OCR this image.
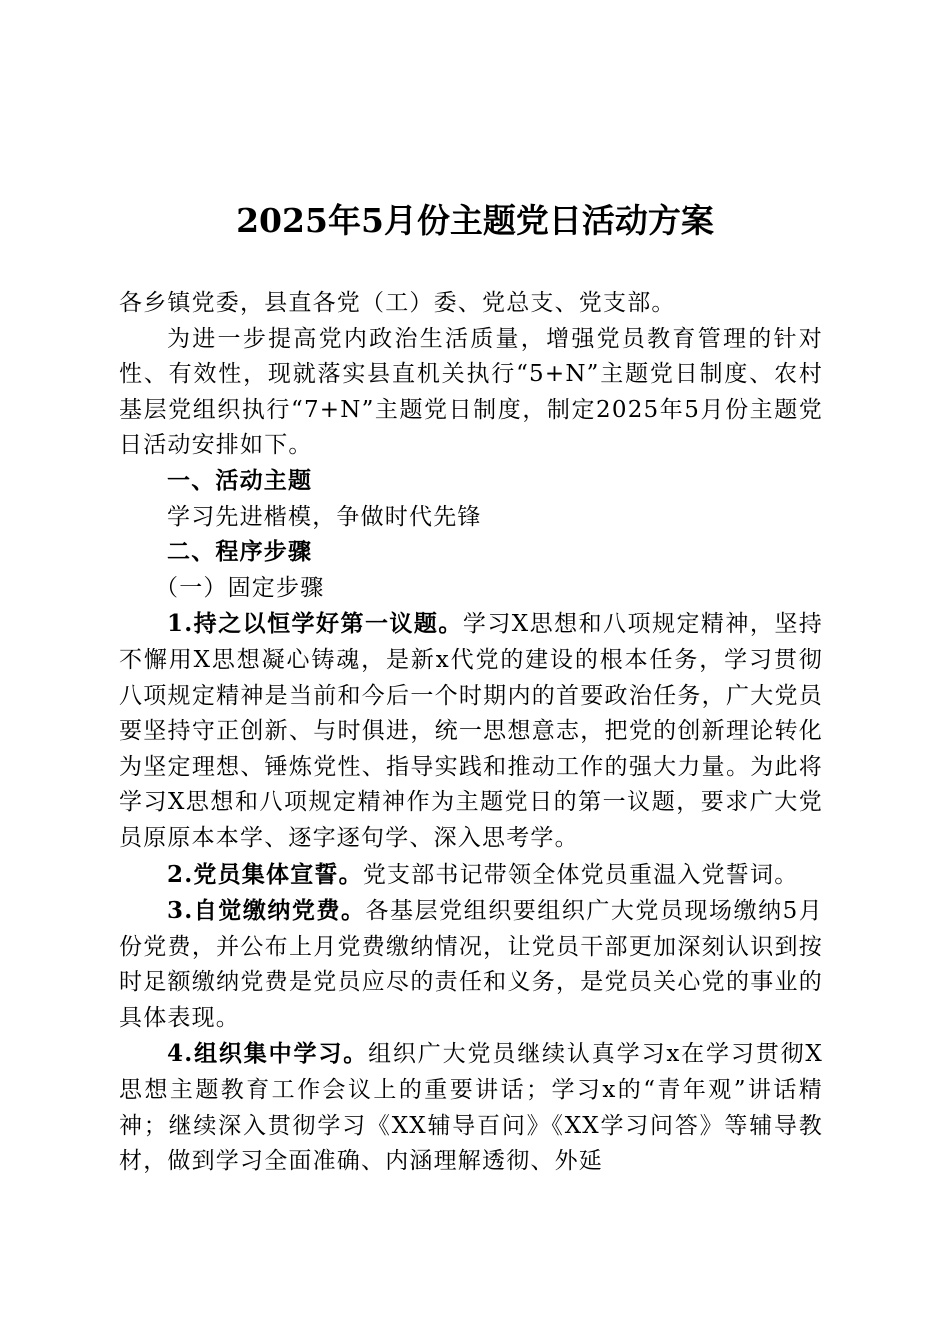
2025年5月份主题党日活动方案

各乡镇党委，县直各党（工）委、党总支、党支部。

为进一步提高党内政治生活质量，增强党员教育管理的针对性、有效性，现就落实县直机关执行“5+N”主题党日制度、农村基层党组织执行“7+N”主题党日制度，制定2025年5月份主题党日活动安排如下。

一、活动主题

学习先进楷模，争做时代先锋

二、程序步骤

（一）固定步骤

1.持之以恒学好第一议题。学习X思想和八项规定精神，坚持不懈用X思想凝心铸魂，是新x代党的建设的根本任务，学习贯彻八项规定精神是当前和今后一个时期内的首要政治任务，广大党员要坚持守正创新、与时俱进，统一思想意志，把党的创新理论转化为坚定理想、锤炼党性、指导实践和推动工作的强大力量。为此将学习X思想和八项规定精神作为主题党日的第一议题，要求广大党员原原本本学、逐字逐句学、深入思考学。

2.党员集体宣誓。党支部书记带领全体党员重温入党誓词。

3.自觉缴纳党费。各基层党组织要组织广大党员现场缴纳5月份党费，并公布上月党费缴纳情况，让党员干部更加深刻认识到按时足额缴纳党费是党员应尽的责任和义务，是党员关心党的事业的具体表现。

4.组织集中学习。组织广大党员继续认真学习x在学习贯彻X思想主题教育工作会议上的重要讲话；学习x的“青年观”讲话精神；继续深入贯彻学习《XX辅导百问》《XX学习问答》等辅导教材，做到学习全面准确、内涵理解透彻、外延
